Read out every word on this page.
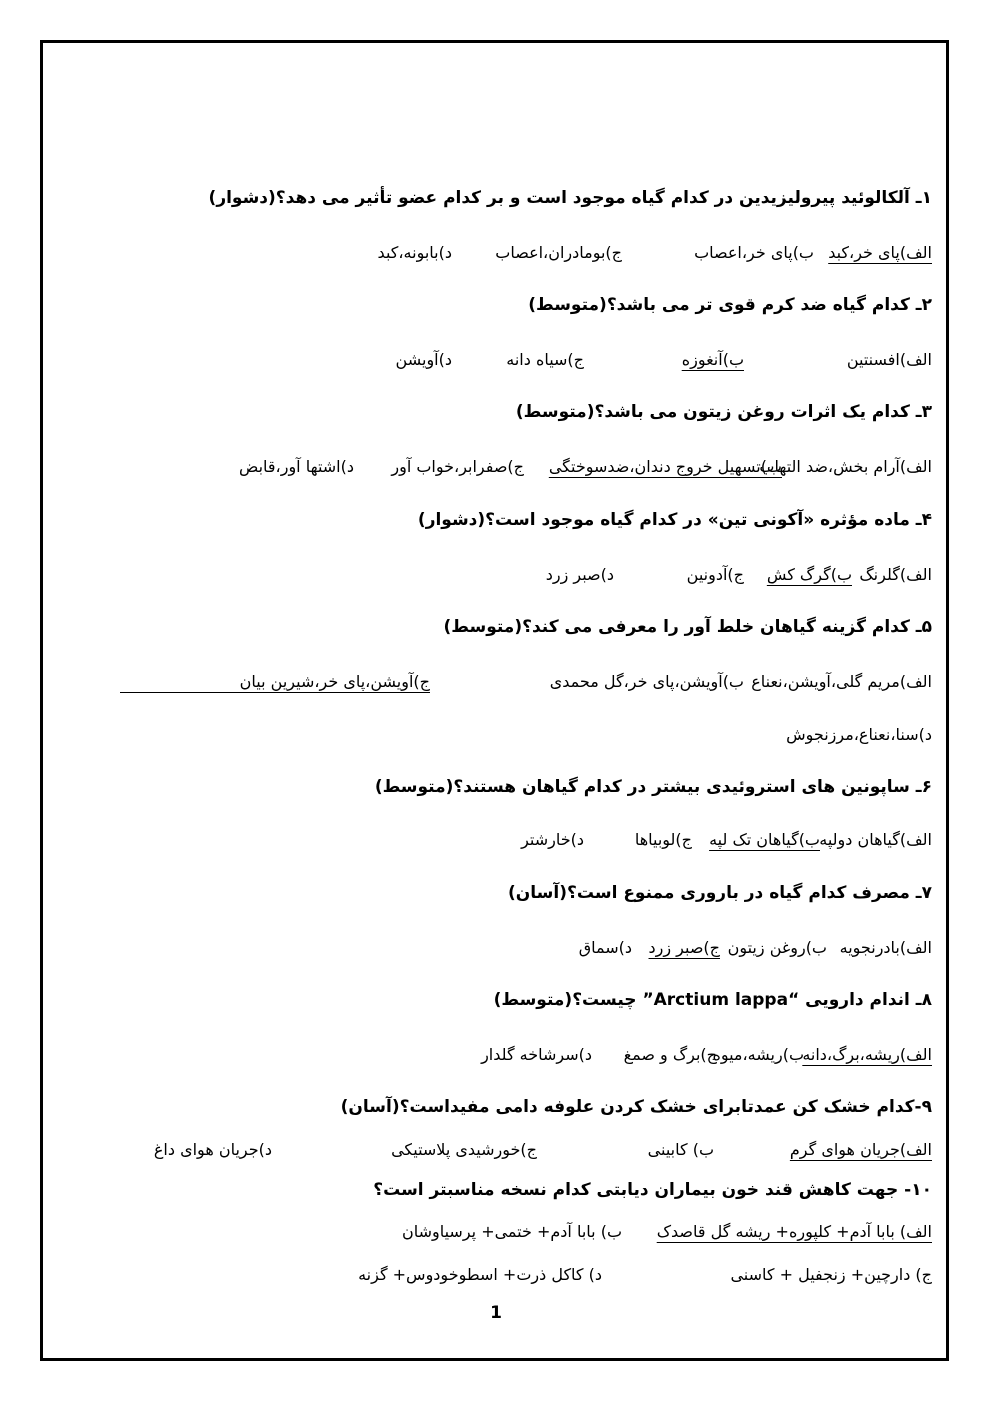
۱ـ آلکالوئید پیرولیزیدین در کدام گیاه موجود است و بر کدام عضو تأثیر می دهد؟(دشوار)
الف)پای خر،کبد
ب)پای خر،اعصاب
ج)بومادران،اعصاب
د)بابونه،کبد
۲ـ کدام گیاه ضد کرم قوی تر می باشد؟(متوسط)
الف)افسنتین
ب)آنغوزه
ج)سیاه دانه
د)آویشن
۳ـ کدام یک اثرات روغن زیتون می باشد؟(متوسط)
الف)آرام بخش،ضد التهاب
ب)تسهیل خروج دندان،ضدسوختگی
ج)صفرابر،خواب آور
د)اشتها آور،قابض
۴ـ ماده مؤثره «آکونی تین» در کدام گیاه موجود است؟(دشوار)
الف)گلرنگ
ب)گرگ کش
ج)آدونین
د)صبر زرد
۵ـ کدام گزینه گیاهان خلط آور را معرفی می کند؟(متوسط)
الف)مریم گلی،آویشن،نعناع
ب)آویشن،پای خر،گل محمدی
ج)آویشن،پای خر،شیرین بیان
د)سنا،نعناع،مرزنجوش
۶ـ ساپونین های استروئیدی بیشتر در کدام گیاهان هستند؟(متوسط)
الف)گیاهان دولپه
ب)گیاهان تک لپه
ج)لوبیاها
د)خارشتر
۷ـ مصرف کدام گیاه در باروری ممنوع است؟(آسان)
الف)بادرنجویه
ب)روغن زیتون
ج)صبر زرد
د)سماق
۸ـ اندام دارویی “Arctium lappa” چیست؟(متوسط)
الف)ریشه،برگ،دانه
ب)ریشه،میوه
ج)برگ و صمغ
د)سرشاخه گلدار
۹-کدام خشک کن عمدتابرای خشک کردن علوفه دامی مفیداست؟(آسان)
الف)جریان هوای گرم
ب) کابینی
ج)خورشیدی پلاستیکی
د)جریان هوای داغ
۱۰- جهت کاهش قند خون بیماران دیابتی کدام نسخه مناسبتر است؟
الف) بابا آدم+ کلپوره+ ریشه گل قاصدک
ب) بابا آدم+ ختمی+ پرسیاوشان
ج) دارچین+ زنجفیل + کاسنی
د) کاکل ذرت+ اسطوخودوس+ گزنه
1
